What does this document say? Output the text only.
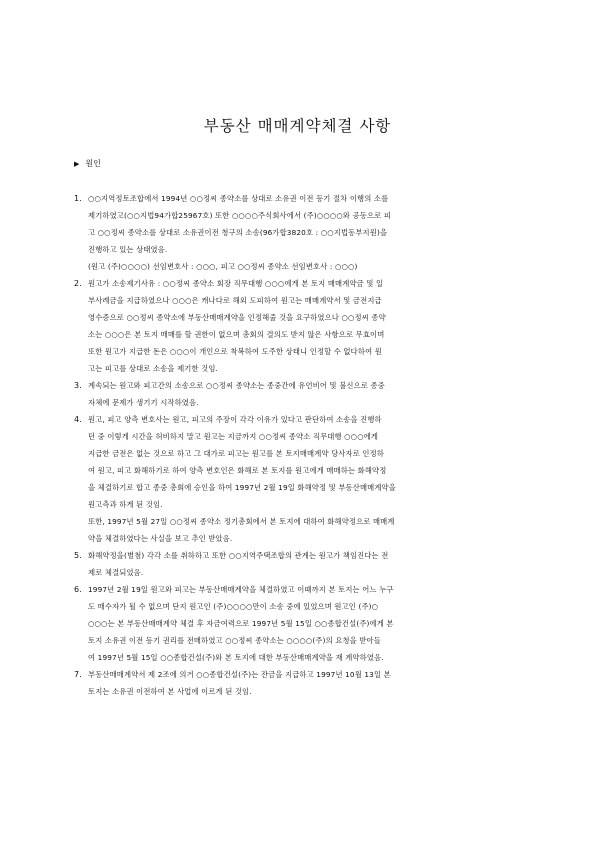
부동산 매매계약체결 사항
▶ 원인
1. ○○지역정토조합에서 1994년 ○○정씨 종약소를 상대로 소유권 이전 등기 절차 이행의 소를
제기하였고(○○지법94가합25967호) 또한 ○○○○주식회사에서 (주)○○○○와 공동으로 피
고 ○○정씨 종약소를 상대로 소유권이전 청구의 소송(96가합3820호 : ○○지법동부지원)을
진행하고 있는 상태였음.
(원고 (주)○○○○) 선임변호사 : ○○○, 피고 ○○정씨 종약소 선임변호사 : ○○○)
2. 원고가 소송제기사유 : ○○정씨 종약소 회장 직무대행 ○○○에게 본 토지 매매계약금 및 일
부사례금을 지급하였으나 ○○○은 캐나다로 해외 도피하여 원고는 매매계약서 및 금전지급
영수증으로 ○○정씨 종약소에 부동산매매계약을 인정해줄 것을 요구하였으나 ○○정씨 종약
소는 ○○○은 본 토지 매매를 할 권한이 없으며 총회의 결의도 받지 않은 사항으로 무효이며
또한 원고가 지급한 돈은 ○○○이 개인으로 착복하여 도주한 상태니 인정할 수 없다하여 원
고는 피고를 상대로 소송을 제기한 것임.
3. 계속되는 원고와 피고간의 소송으로 ○○정씨 종약소는 종중간에 유언비어 및 불신으로 종중
자체에 문제가 생기기 시작하였음.
4. 원고, 피고 양측 변호사는 원고, 피고의 주장이 각각 이유가 있다고 판단하여 소송을 진행하
던 중 이렇게 시간을 허비하지 말고 원고는 지금까지 ○○정씨 종약소 직무대행 ○○○에게
지급한 금전은 없는 것으로 하고 그 대가로 피고는 원고를 본 토지매매계약 당사자로 인정하
여 원고, 피고 화해하기로 하여 양측 변호인은 화해로 본 토지를 원고에게 매매하는 화해약정
을 체결하기로 합고 종중 총회에 승인을 하여 1997년 2월 19일 화해약정 및 부동산매매계약을
원고측과 하게 된 것임.
또한, 1997년 5월 27일 ○○정씨 종약소 정기총회에서 본 토지에 대하여 화해약정으로 매매계
약을 체결하였다는 사실을 보고 추인 받았음.
5. 화해약정을(별첨) 각각 소를 취하하고 또한 ○○지역주택조합의 관계는 원고가 책임진다는 전
제로 체결되었음.
6. 1997년 2월 19일 원고와 피고는 부동산매매계약을 체결하였고 이때까지 본 토지는 어느 누구
도 매수자가 될 수 없으며 단지 원고인 (주)○○○○만이 소송 중에 있었으며 원고인 (주)○
○○○는 본 부동산매매계약 체결 후 자금여력으로 1997년 5월 15일 ○○종합건설(주)에게 본
토지 소유권 이전 등기 권리를 전매하였고 ○○정씨 종약소는 ○○○○(주)의 요청을 받아들
여 1997년 5월 15일 ○○종합건설(주)와 본 토지에 대한 부동산매매계약을 재 계약하였음.
7. 부동산매매계약서 제 2조에 의거 ○○종합건설(주)는 잔금을 지급하고 1997년 10월 13일 본
토지는 소유권 이전하여 본 사업에 이르게 된 것임.
